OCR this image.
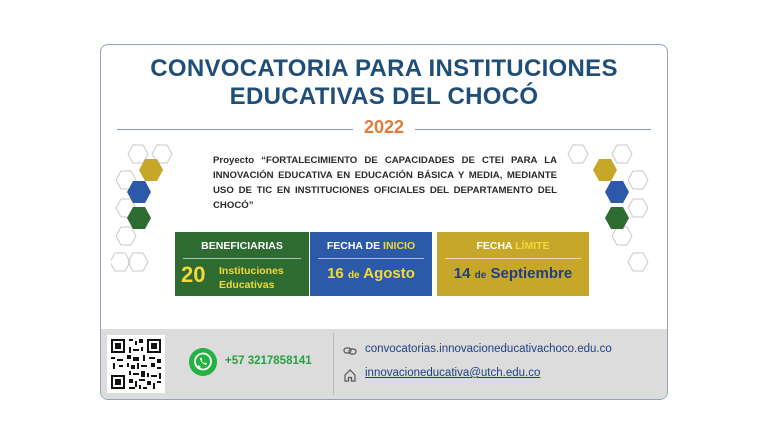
CONVOCATORIA PARA INSTITUCIONES
EDUCATIVAS DEL CHOCÓ
2022
Proyecto “FORTALECIMIENTO DE CAPACIDADES DE CTEI PARA LA INNOVACIÓN EDUCATIVA EN EDUCACIÓN BÁSICA Y MEDIA, MEDIANTE USO DE TIC EN INSTITUCIONES OFICIALES DEL DEPARTAMENTO DEL CHOCÓ”
BENEFICIARIAS
20 Instituciones
Educativas
FECHA DE INICIO
16 de Agosto
FECHA LÍMITE
14 de Septiembre
+57 3217858141
convocatorias.innovacioneducativachoco.edu.co
innovacioneducativa@utch.edu.co
